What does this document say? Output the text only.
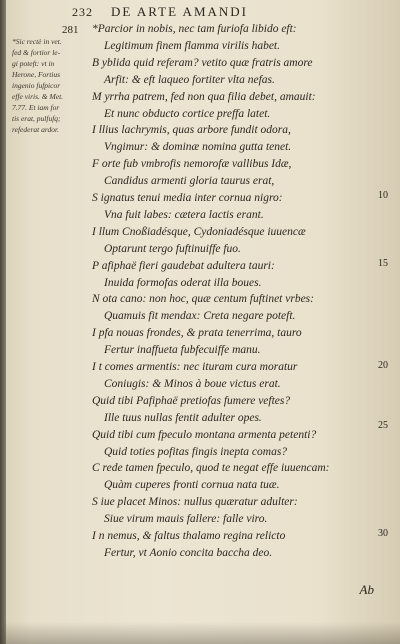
232 DE ARTE AMANDI
281
*Sic rectè in vet.
fed & fortior le-
gi poteft: vt in
Herone, Fortius
ingenio fufpicor
effe viris. & Met.
7.77. Et iam for
tis erat, pulfufq;
refederat ardor.
*Parcior in nobis, nec tam furiofa libido eft:
Legitimum finem flamma virilis habet.
B yblida quid referam? vetito quæ fratris amore
Arfit: & eft laqueo fortiter vlta nefas.
M yrrha patrem, fed non qua filia debet, amauit:
Et nunc obducto cortice preffa latet.
I llius lachrymis, quas arbore fundit odora,
Vngimur: & dominæ nomina gutta tenet.
F orte fub vmbrofis nemorofæ vallibus Idæ,
Candidus armenti gloria taurus erat,
S ignatus tenui media inter cornua nigro:
Vna fuit labes: cætera lactis erant.
I llum Cnoßiadésque, Cydoniadésque iuuencæ
Optarunt tergo fuftinuiffe fuo.
P afiphaë fieri gaudebat adultera tauri:
Inuida formofas oderat illa boues.
N ota cano: non hoc, quæ centum fuftinet vrbes:
Quamuis fit mendax: Creta negare poteft.
I pfa nouas frondes, & prata tenerrima, tauro
Fertur inaffueta fubfecuiffe manu.
I t comes armentis: nec ituram cura moratur
Coniugis: & Minos à boue victus erat.
Quid tibi Pafiphaë pretiofas fumere veftes?
Ille tuus nullas fentit adulter opes.
Quid tibi cum fpeculo montana armenta petenti?
Quid toties pofitas fingis inepta comas?
C rede tamen fpeculo, quod te negat effe iuuencam:
Quàm cuperes fronti cornua nata tuæ.
S iue placet Minos: nullus quæratur adulter:
Siue virum mauis fallere: falle viro.
I n nemus, & faltus thalamo regina relicto
Fertur, vt Aonio concita baccha deo.
10
15
20
25
30
Ab
